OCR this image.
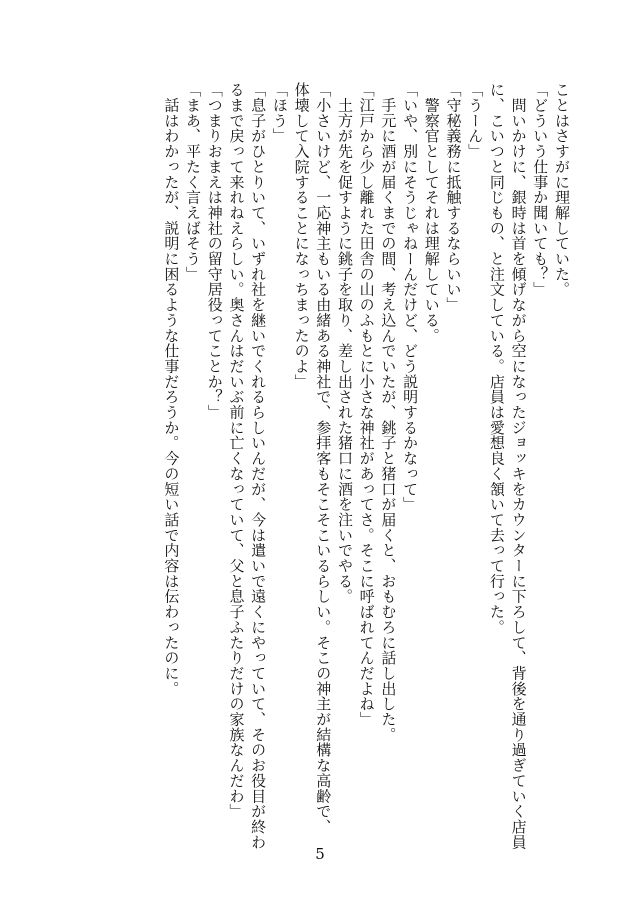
ことはさすがに理解していた。
「どういう仕事か聞いても？」
　問いかけに、銀時は首を傾げながら空になったジョッキをカウンターに下ろして、背後を通り過ぎていく店員
に、こいつと同じもの、と注文している。店員は愛想良く頷いて去って行った。
「うーん」
「守秘義務に抵触するならいい」
　警察官としてそれは理解している。
「いや、別にそうじゃねーんだけど、どう説明するかなって」
　手元に酒が届くまでの間、考え込んでいたが、銚子と猪口が届くと、おもむろに話し出した。
「江戸から少し離れた田舎の山のふもとに小さな神社があってさ。そこに呼ばれてんだよね」
　土方が先を促すように銚子を取り、差し出された猪口に酒を注いでやる。
「小さいけど、一応神主もいる由緒ある神社で、参拝客もそこそこいるらしい。そこの神主が結構な高齢で、
体壊して入院することになっちまったのよ」
「ほう」
「息子がひとりいて、いずれ社を継いでくれるらしいんだが、今は遣いで遠くにやっていて、そのお役目が終わ
るまで戻って来れねえらしい。奥さんはだいぶ前に亡くなっていて、父と息子ふたりだけの家族なんだわ」
「つまりおまえは神社の留守居役ってことか？」
「まあ、平たく言えばそう」
　話はわかったが、説明に困るような仕事だろうか。今の短い話で内容は伝わったのに。
5
